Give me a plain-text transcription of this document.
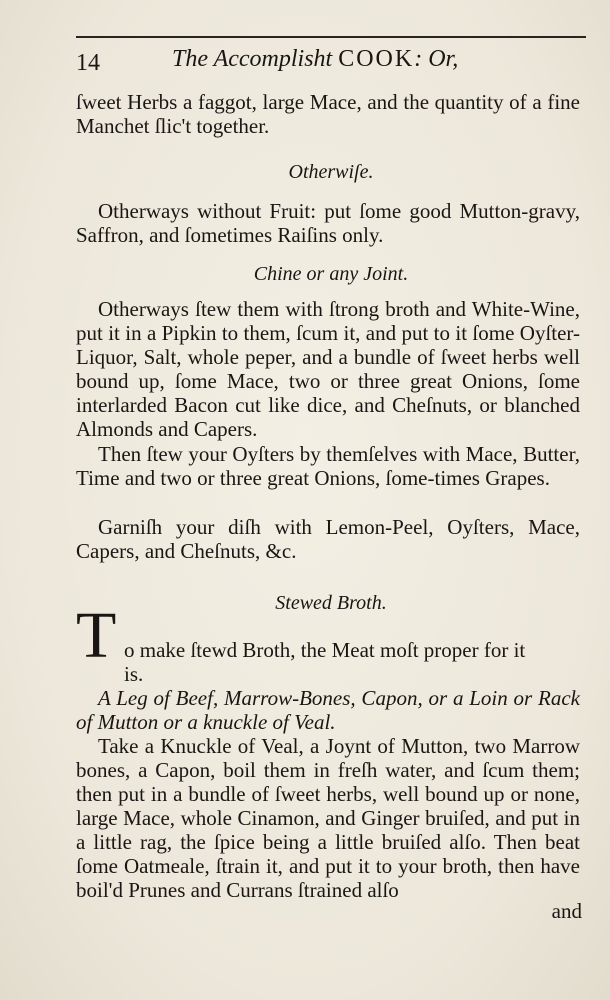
14	The Accomplisht COOK: Or,
ſweet Herbs a faggot, large Mace, and the quantity of a fine Manchet ſlic't together.
Otherwiſe.
Otherways without Fruit: put ſome good Mutton-gravy, Saffron, and ſometimes Raiſins only.
Chine or any Joint.
Otherways ſtew them with ſtrong broth and White-Wine, put it in a Pipkin to them, ſcum it, and put to it ſome Oyſter-Liquor, Salt, whole peper, and a bundle of ſweet herbs well bound up, ſome Mace, two or three great Onions, ſome interlarded Bacon cut like dice, and Cheſnuts, or blanched Almonds and Capers.
Then ſtew your Oyſters by themſelves with Mace, Butter, Time and two or three great Onions, ſome-times Grapes.
Garniſh your diſh with Lemon-Peel, Oyſters, Mace, Capers, and Cheſnuts, &c.
Stewed Broth.
T o make ſtewd Broth, the Meat moſt proper for it
is.
A Leg of Beef, Marrow-Bones, Capon, or a Loin or Rack of Mutton or a knuckle of Veal.
Take a Knuckle of Veal, a Joynt of Mutton, two Marrow bones, a Capon, boil them in freſh water, and ſcum them; then put in a bundle of ſweet herbs, well bound up or none, large Mace, whole Cinamon, and Ginger bruiſed, and put in a little rag, the ſpice being a little bruiſed alſo. Then beat ſome Oatmeale, ſtrain it, and put it to your broth, then have boil'd Prunes and Currans ſtrained alſo
and
